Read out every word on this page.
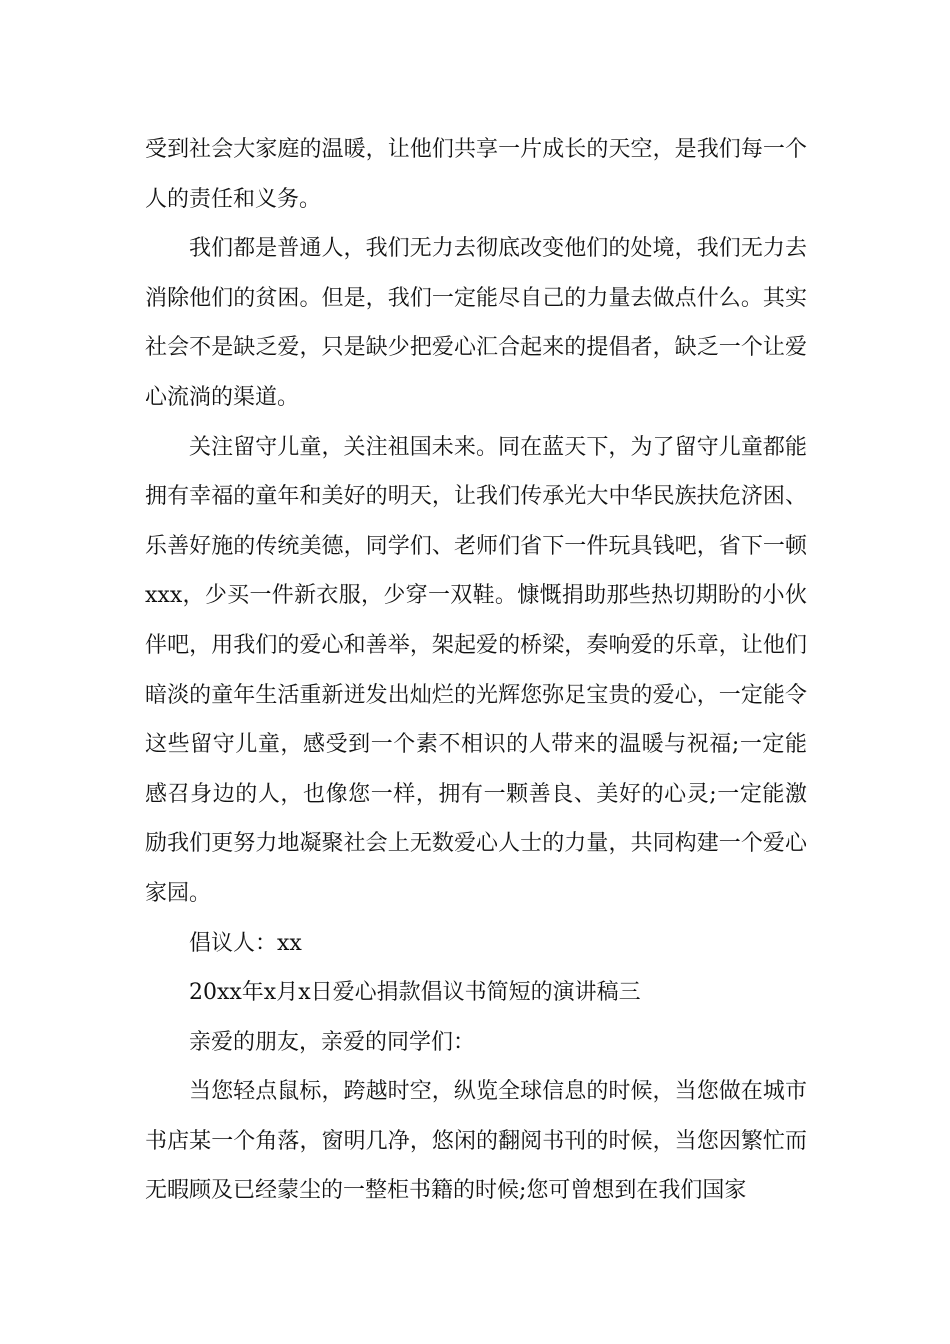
受到社会大家庭的温暖，让他们共享一片成长的天空，是我们每一个人的责任和义务。

我们都是普通人，我们无力去彻底改变他们的处境，我们无力去消除他们的贫困。但是，我们一定能尽自己的力量去做点什么。其实社会不是缺乏爱，只是缺少把爱心汇合起来的提倡者，缺乏一个让爱心流淌的渠道。

关注留守儿童，关注祖国未来。同在蓝天下，为了留守儿童都能拥有幸福的童年和美好的明天，让我们传承光大中华民族扶危济困、乐善好施的传统美德，同学们、老师们省下一件玩具钱吧，省下一顿xxx，少买一件新衣服，少穿一双鞋。慷慨捐助那些热切期盼的小伙伴吧，用我们的爱心和善举，架起爱的桥梁，奏响爱的乐章，让他们暗淡的童年生活重新迸发出灿烂的光辉您弥足宝贵的爱心，一定能令这些留守儿童，感受到一个素不相识的人带来的温暖与祝福;一定能感召身边的人，也像您一样，拥有一颗善良、美好的心灵;一定能激励我们更努力地凝聚社会上无数爱心人士的力量，共同构建一个爱心家园。

倡议人：xx

20xx年x月x日爱心捐款倡议书简短的演讲稿三

亲爱的朋友，亲爱的同学们：

当您轻点鼠标，跨越时空，纵览全球信息的时候，当您做在城市书店某一个角落，窗明几净，悠闲的翻阅书刊的时候，当您因繁忙而无暇顾及已经蒙尘的一整柜书籍的时候;您可曾想到在我们国家
